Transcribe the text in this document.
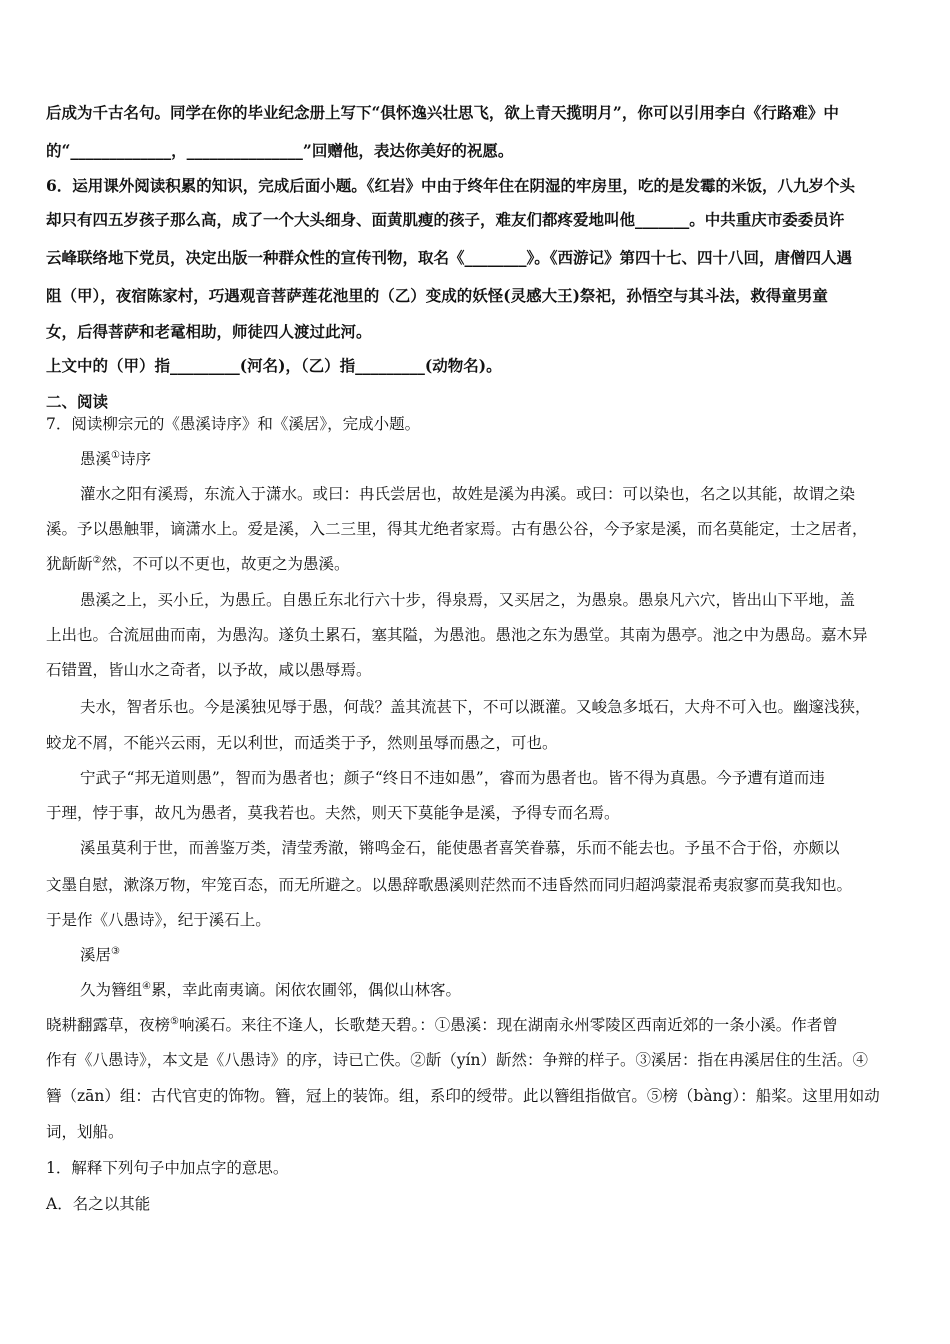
后成为千古名句。同学在你的毕业纪念册上写下“俱怀逸兴壮思飞，欲上青天揽明月”，你可以引用李白《行路难》中
的“_____________，_______________”回赠他，表达你美好的祝愿。
6．运用课外阅读积累的知识，完成后面小题。《红岩》中由于终年住在阴湿的牢房里，吃的是发霉的米饭，八九岁个头
却只有四五岁孩子那么高，成了一个大头细身、面黄肌瘦的孩子，难友们都疼爱地叫他_______。中共重庆市委委员许
云峰联络地下党员，决定出版一种群众性的宣传刊物，取名《________》。《西游记》第四十七、四十八回，唐僧四人遇
阻（甲），夜宿陈家村，巧遇观音菩萨莲花池里的（乙）变成的妖怪(灵感大王)祭祀，孙悟空与其斗法，救得童男童
女，后得菩萨和老鼋相助，师徒四人渡过此河。
上文中的（甲）指_________(河名)，（乙）指_________(动物名)。
二、阅读
7．阅读柳宗元的《愚溪诗序》和《溪居》，完成小题。
愚溪①诗序
灌水之阳有溪焉，东流入于潇水。或曰：冉氏尝居也，故姓是溪为冉溪。或曰：可以染也，名之以其能，故谓之染
溪。予以愚触罪，谪潇水上。爱是溪，入二三里，得其尤绝者家焉。古有愚公谷，今予家是溪，而名莫能定，士之居者，
犹龂龂②然，不可以不更也，故更之为愚溪。
愚溪之上，买小丘，为愚丘。自愚丘东北行六十步，得泉焉，又买居之，为愚泉。愚泉凡六穴，皆出山下平地，盖
上出也。合流屈曲而南，为愚沟。遂负土累石，塞其隘，为愚池。愚池之东为愚堂。其南为愚亭。池之中为愚岛。嘉木异
石错置，皆山水之奇者，以予故，咸以愚辱焉。
夫水，智者乐也。今是溪独见辱于愚，何哉？盖其流甚下，不可以溉灌。又峻急多坻石，大舟不可入也。幽邃浅狭，
蛟龙不屑，不能兴云雨，无以利世，而适类于予，然则虽辱而愚之，可也。
宁武子“邦无道则愚”，智而为愚者也；颜子“终日不违如愚”，睿而为愚者也。皆不得为真愚。今予遭有道而违
于理，悖于事，故凡为愚者，莫我若也。夫然，则天下莫能争是溪，予得专而名焉。
溪虽莫利于世，而善鉴万类，清莹秀澈，锵鸣金石，能使愚者喜笑眷慕，乐而不能去也。予虽不合于俗，亦颇以
文墨自慰，漱涤万物，牢笼百态，而无所避之。以愚辞歌愚溪则茫然而不违昏然而同归超鸿蒙混希夷寂寥而莫我知也。
于是作《八愚诗》，纪于溪石上。
溪居③
久为簪组④累，幸此南夷谪。闲依农圃邻，偶似山林客。
晓耕翻露草，夜榜⑤响溪石。来往不逢人，长歌楚天碧。：①愚溪：现在湖南永州零陵区西南近郊的一条小溪。作者曾
作有《八愚诗》，本文是《八愚诗》的序，诗已亡佚。②龂（yín）龂然：争辩的样子。③溪居：指在冉溪居住的生活。④
簪（zān）组：古代官吏的饰物。簪，冠上的装饰。组，系印的绶带。此以簪组指做官。⑤榜（bàng）：船桨。这里用如动
词，划船。
1．解释下列句子中加点字的意思。
A．名之以其能
